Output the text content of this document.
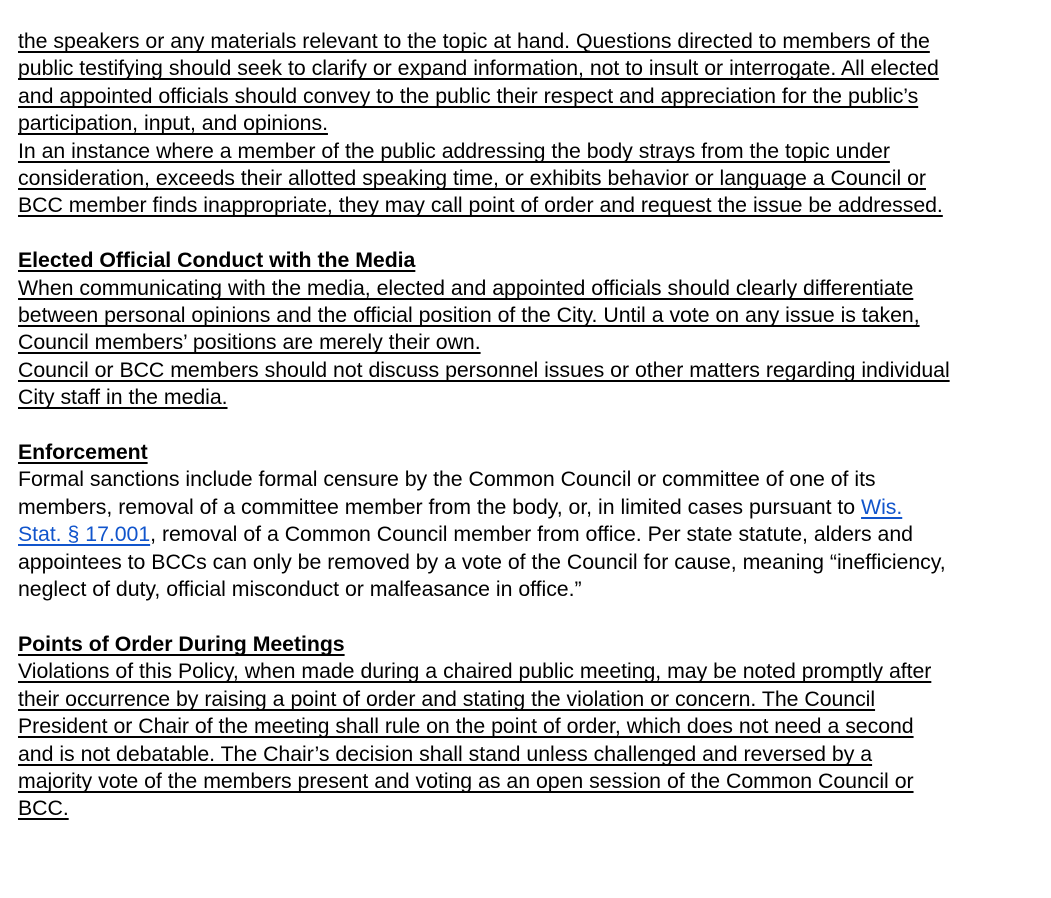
the speakers or any materials relevant to the topic at hand. Questions directed to members of the public testifying should seek to clarify or expand information, not to insult or interrogate. All elected and appointed officials should convey to the public their respect and appreciation for the public’s participation, input, and opinions.

In an instance where a member of the public addressing the body strays from the topic under consideration, exceeds their allotted speaking time, or exhibits behavior or language a Council or BCC member finds inappropriate, they may call point of order and request the issue be addressed.

Elected Official Conduct with the Media

When communicating with the media, elected and appointed officials should clearly differentiate between personal opinions and the official position of the City. Until a vote on any issue is taken, Council members’ positions are merely their own.

Council or BCC members should not discuss personnel issues or other matters regarding individual City staff in the media.

Enforcement

Formal sanctions include formal censure by the Common Council or committee of one of its members, removal of a committee member from the body, or, in limited cases pursuant to Wis. Stat. § 17.001, removal of a Common Council member from office. Per state statute, alders and appointees to BCCs can only be removed by a vote of the Council for cause, meaning “inefficiency, neglect of duty, official misconduct or malfeasance in office.”

Points of Order During Meetings

Violations of this Policy, when made during a chaired public meeting, may be noted promptly after their occurrence by raising a point of order and stating the violation or concern. The Council President or Chair of the meeting shall rule on the point of order, which does not need a second and is not debatable. The Chair’s decision shall stand unless challenged and reversed by a majority vote of the members present and voting as an open session of the Common Council or BCC.
